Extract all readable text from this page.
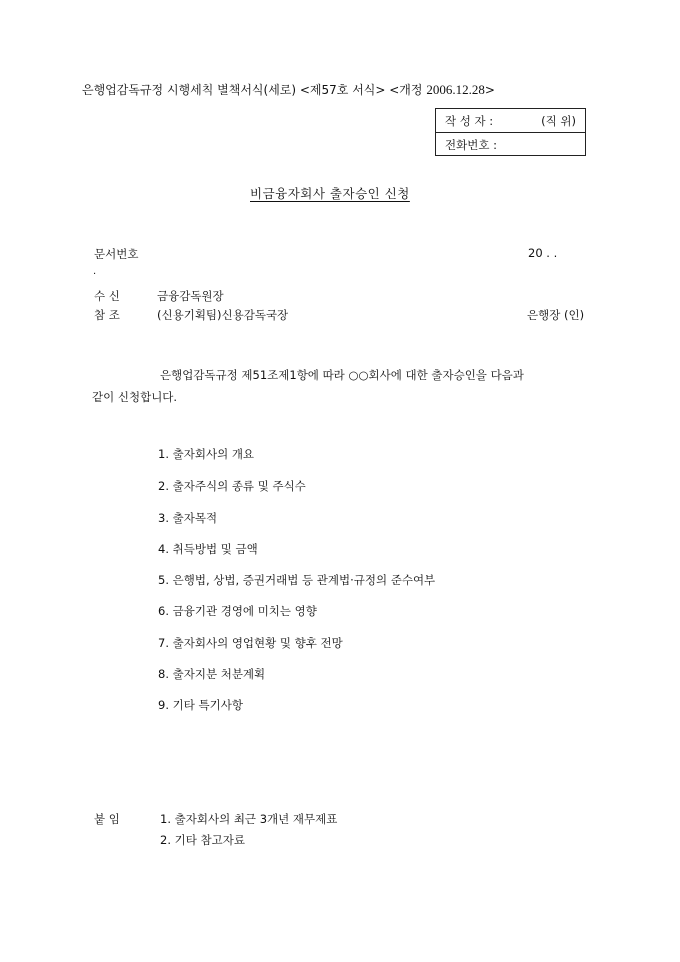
은행업감독규정 시행세칙 별책서식(세로) <제57호 서식> <개정 2006.12.28>
작 성 자 :	(직 위)
전화번호 :
비금융자회사 출자승인 신청
문서번호	20 . .
.
수 신	금융감독원장
참 조	(신용기획팀)신용감독국장	은행장 (인)
은행업감독규정 제51조제1항에 따라 ○○회사에 대한 출자승인을 다음과
같이 신청합니다.
1. 출자회사의 개요
2. 출자주식의 종류 및 주식수
3. 출자목적
4. 취득방법 및 금액
5. 은행법, 상법, 증권거래법 등 관계법·규정의 준수여부
6. 금융기관 경영에 미치는 영향
7. 출자회사의 영업현황 및 향후 전망
8. 출자지분 처분계획
9. 기타 특기사항
붙 임	1. 출자회사의 최근 3개년 재무제표
2. 기타 참고자료
